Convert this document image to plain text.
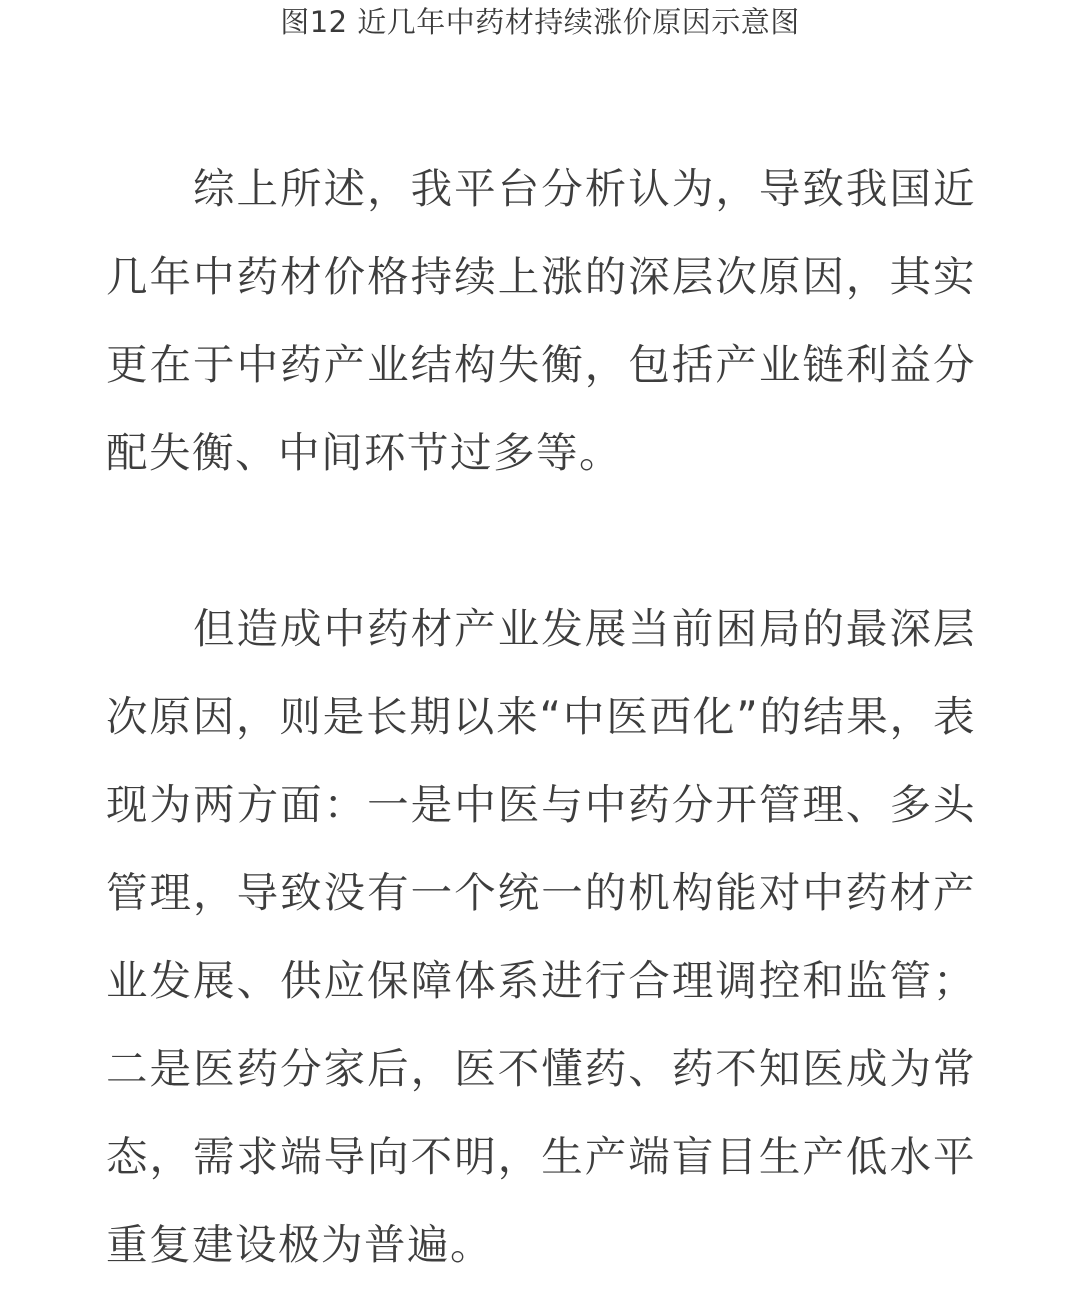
图12 近几年中药材持续涨价原因示意图

综上所述，我平台分析认为，导致我国近几年中药材价格持续上涨的深层次原因，其实更在于中药产业结构失衡，包括产业链利益分配失衡、中间环节过多等。

但造成中药材产业发展当前困局的最深层次原因，则是长期以来“中医西化”的结果，表现为两方面：一是中医与中药分开管理、多头管理，导致没有一个统一的机构能对中药材产业发展、供应保障体系进行合理调控和监管；二是医药分家后，医不懂药、药不知医成为常态，需求端导向不明，生产端盲目生产低水平重复建设极为普遍。
